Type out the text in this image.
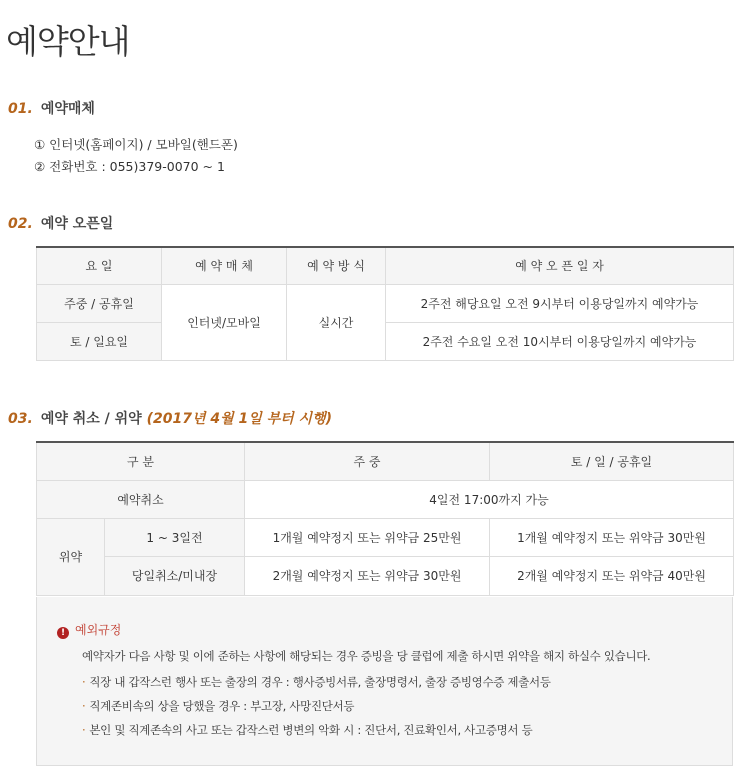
예약안내
01. 예약매체
① 인터넷(홈페이지) / 모바일(핸드폰)
② 전화번호 : 055)379-0070 ~ 1
02. 예약 오픈일
요 일	예 약 매 체	예 약 방 식	예 약 오 픈 일 자
주중 / 공휴일	인터넷/모바일	실시간	2주전 해당요일 오전 9시부터 이용당일까지 예약가능
토 / 일요일			2주전 수요일 오전 10시부터 이용당일까지 예약가능
03. 예약 취소 / 위약 (2017년 4월 1일 부터 시행)
구 분		주 중	토 / 일 / 공휴일
예약취소		4일전 17:00까지 가능	
위약	1 ~ 3일전	1개월 예약정지 또는 위약금 25만원	1개월 예약정지 또는 위약금 30만원
	당일취소/미내장	2개월 예약정지 또는 위약금 30만원	2개월 예약정지 또는 위약금 40만원
! 예외규정
예약자가 다음 사항 및 이에 준하는 사항에 해당되는 경우 증빙을 당 클럽에 제출 하시면 위약을 해지 하실수 있습니다.
· 직장 내 갑작스런 행사 또는 출장의 경우 : 행사증빙서류, 출장명령서, 출장 증빙영수증 제출서등
· 직계존비속의 상을 당했을 경우 : 부고장, 사망진단서등
· 본인 및 직계존속의 사고 또는 갑작스런 병변의 악화 시 : 진단서, 진료확인서, 사고증명서 등
